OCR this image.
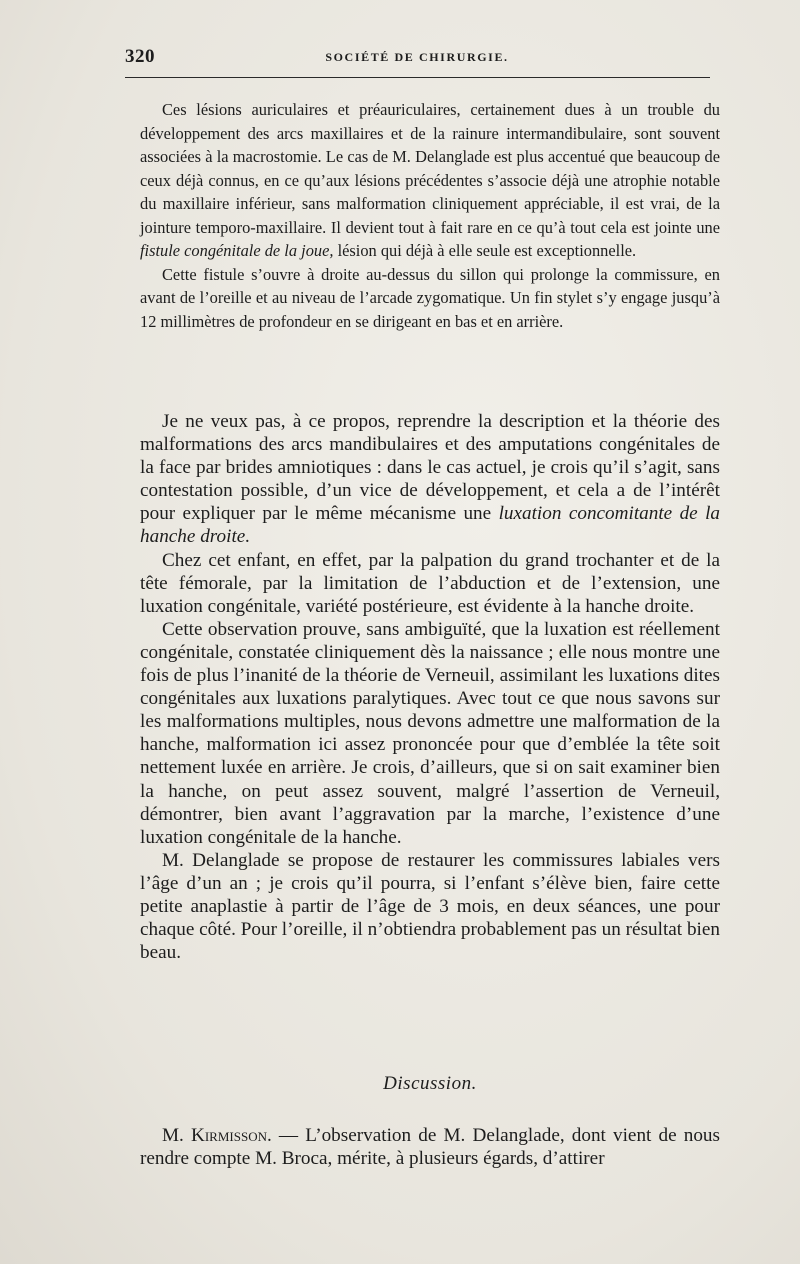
320	SOCIÉTÉ DE CHIRURGIE.

Ces lésions auriculaires et préauriculaires, certainement dues à un trouble du développement des arcs maxillaires et de la rainure intermandibulaire, sont souvent associées à la macrostomie. Le cas de M. Delanglade est plus accentué que beaucoup de ceux déjà connus, en ce qu’aux lésions précédentes s’associe déjà une atrophie notable du maxillaire inférieur, sans malformation cliniquement appréciable, il est vrai, de la jointure temporo-maxillaire. Il devient tout à fait rare en ce qu’à tout cela est jointe une fistule congénitale de la joue, lésion qui déjà à elle seule est exceptionnelle.

Cette fistule s’ouvre à droite au-dessus du sillon qui prolonge la commissure, en avant de l’oreille et au niveau de l’arcade zygomatique. Un fin stylet s’y engage jusqu’à 12 millimètres de profondeur en se dirigeant en bas et en arrière.

Je ne veux pas, à ce propos, reprendre la description et la théorie des malformations des arcs mandibulaires et des amputations congénitales de la face par brides amniotiques : dans le cas actuel, je crois qu’il s’agit, sans contestation possible, d’un vice de développement, et cela a de l’intérêt pour expliquer par le même mécanisme une luxation concomitante de la hanche droite.

Chez cet enfant, en effet, par la palpation du grand trochanter et de la tête fémorale, par la limitation de l’abduction et de l’extension, une luxation congénitale, variété postérieure, est évidente à la hanche droite.

Cette observation prouve, sans ambiguïté, que la luxation est réellement congénitale, constatée cliniquement dès la naissance ; elle nous montre une fois de plus l’inanité de la théorie de Verneuil, assimilant les luxations dites congénitales aux luxations paralytiques. Avec tout ce que nous savons sur les malformations multiples, nous devons admettre une malformation de la hanche, malformation ici assez prononcée pour que d’emblée la tête soit nettement luxée en arrière. Je crois, d’ailleurs, que si on sait examiner bien la hanche, on peut assez souvent, malgré l’assertion de Verneuil, démontrer, bien avant l’aggravation par la marche, l’existence d’une luxation congénitale de la hanche.

M. Delanglade se propose de restaurer les commissures labiales vers l’âge d’un an ; je crois qu’il pourra, si l’enfant s’élève bien, faire cette petite anaplastie à partir de l’âge de 3 mois, en deux séances, une pour chaque côté. Pour l’oreille, il n’obtiendra probablement pas un résultat bien beau.

Discussion.
M. Kirmisson. — L’observation de M. Delanglade, dont vient de nous rendre compte M. Broca, mérite, à plusieurs égards, d’attirer
